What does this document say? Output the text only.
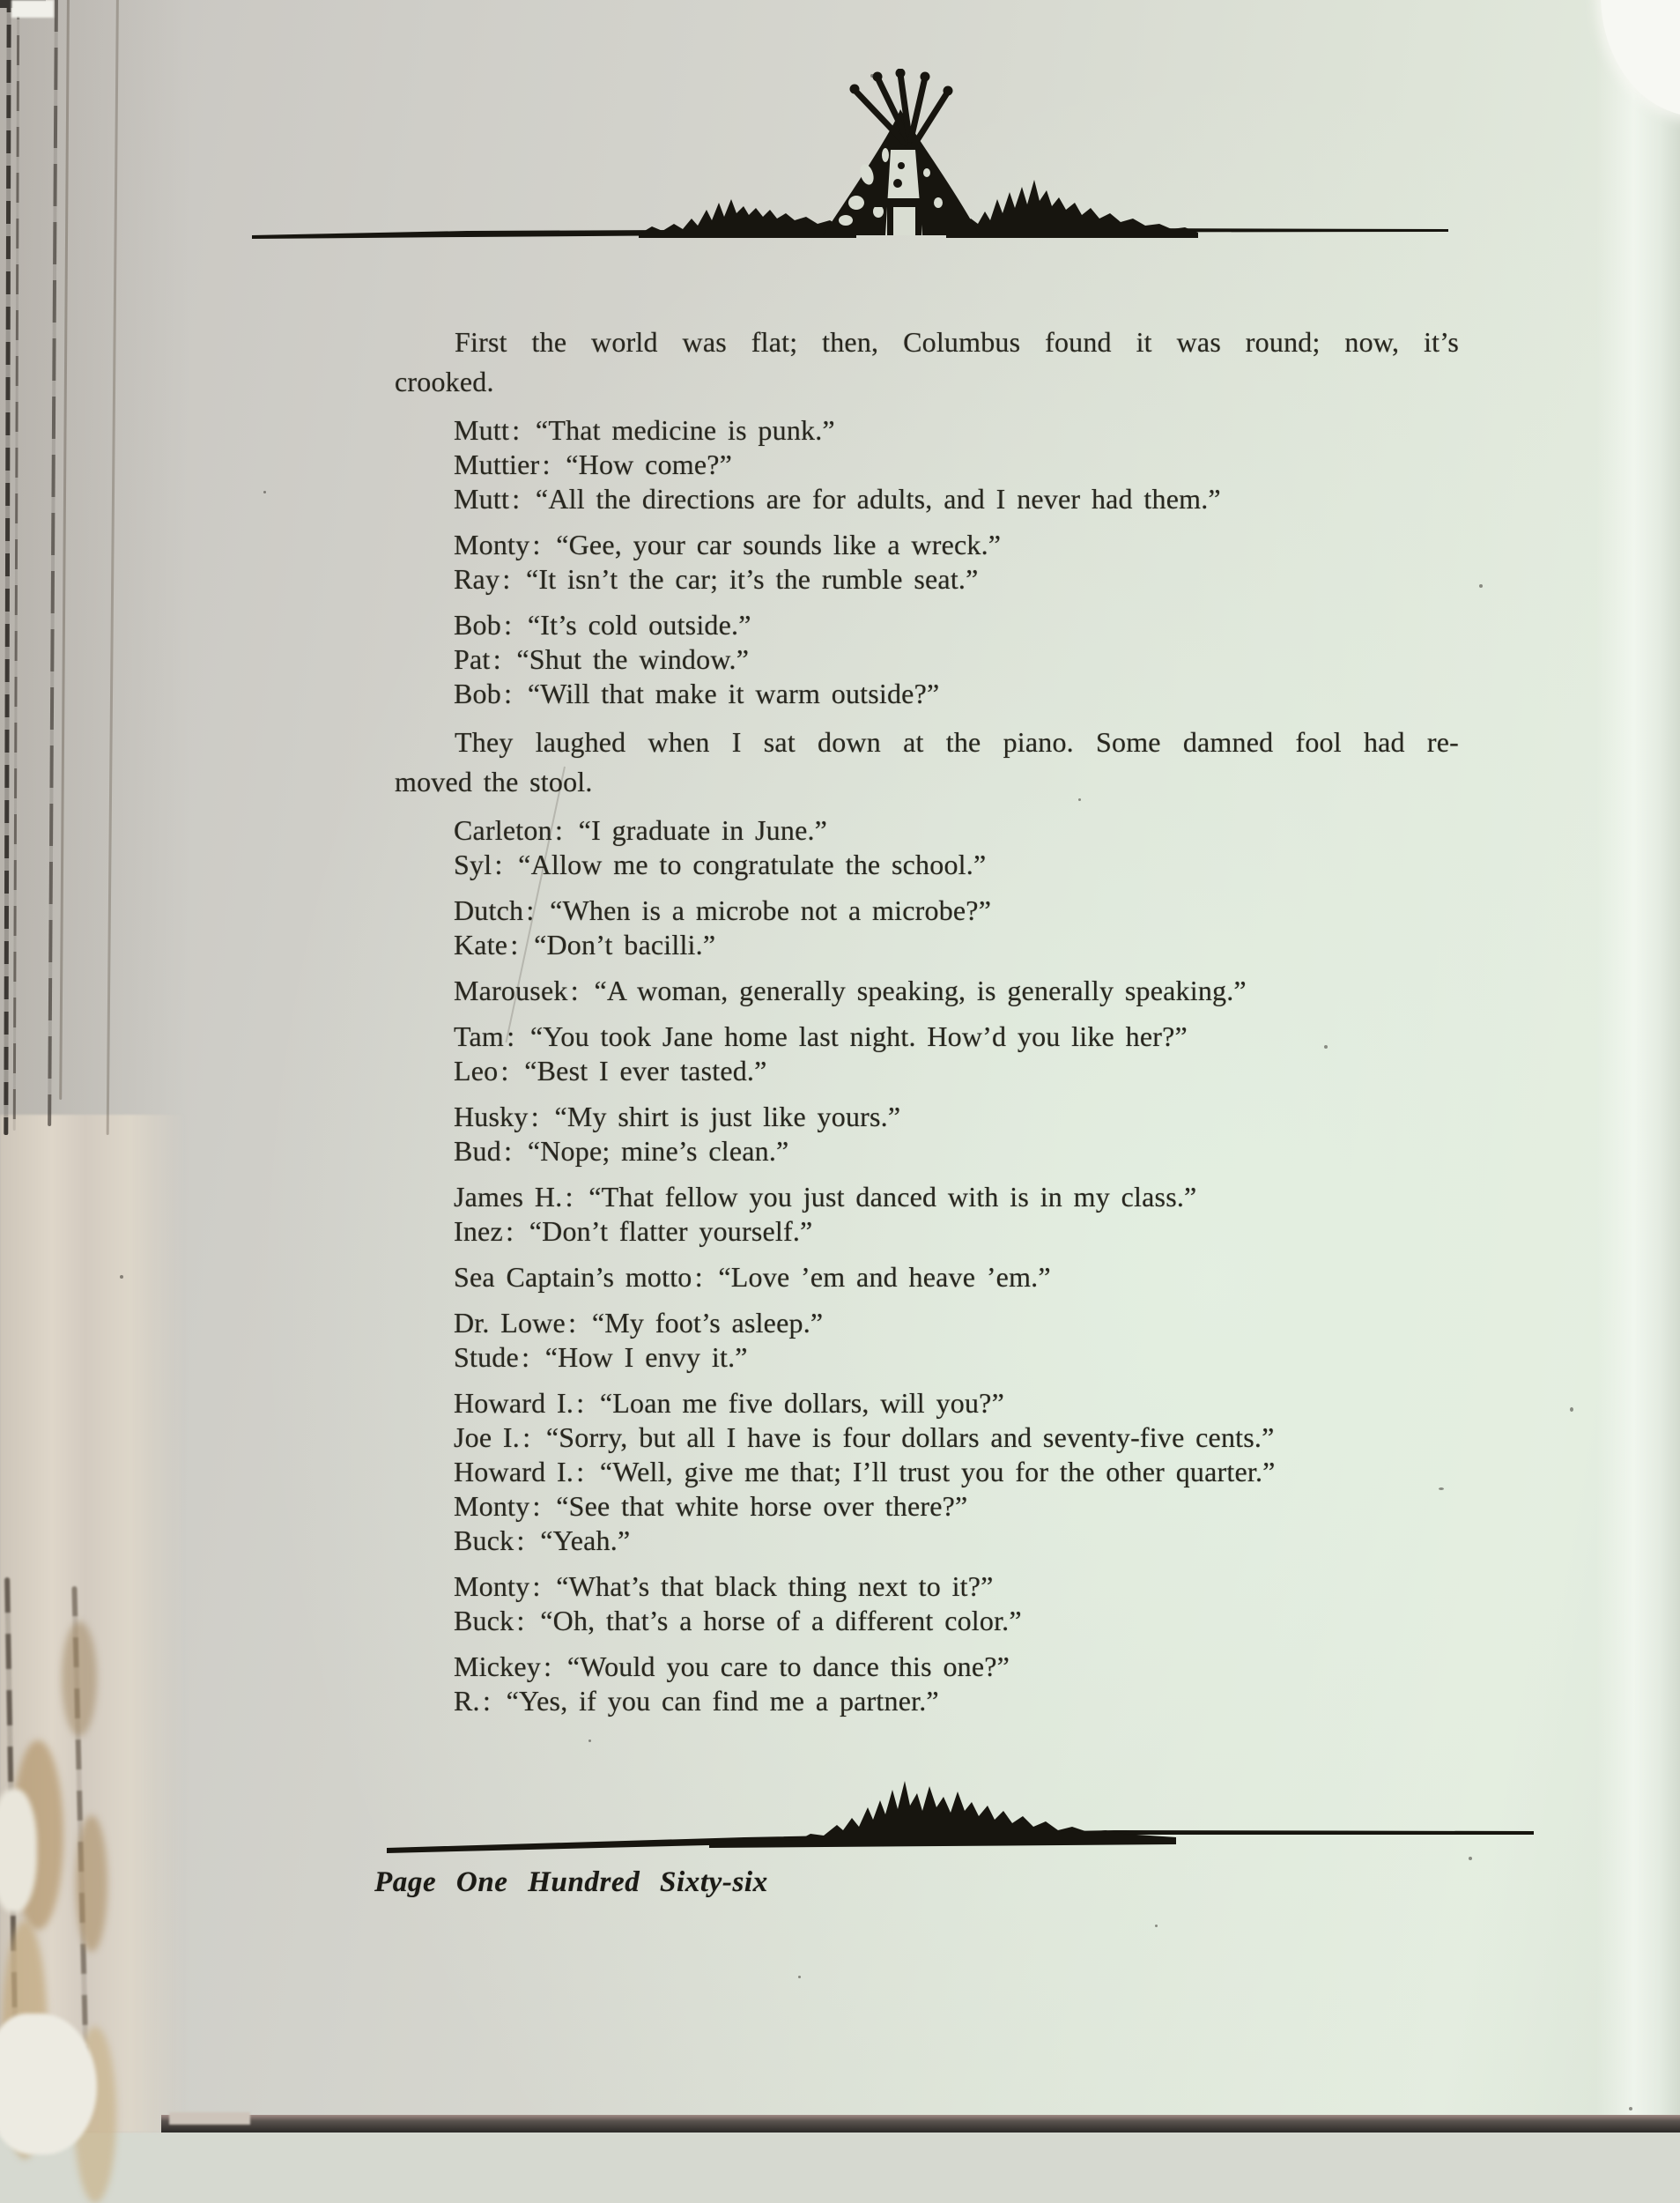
First the world was flat; then, Columbus found it was round; now, it’s
crooked.

Mutt: “That medicine is punk.”
Muttier: “How come?”
Mutt: “All the directions are for adults, and I never had them.”
Monty: “Gee, your car sounds like a wreck.”
Ray: “It isn’t the car; it’s the rumble seat.”
Bob: “It’s cold outside.”
Pat: “Shut the window.”
Bob: “Will that make it warm outside?”

They laughed when I sat down at the piano. Some damned fool had re-
moved the stool.

Carleton: “I graduate in June.”
Syl: “Allow me to congratulate the school.”
Dutch: “When is a microbe not a microbe?”
Kate: “Don’t bacilli.”
Marousek: “A woman, generally speaking, is generally speaking.”
Tam: “You took Jane home last night. How’d you like her?”
Leo: “Best I ever tasted.”
Husky: “My shirt is just like yours.”
Bud: “Nope; mine’s clean.”
James H.: “That fellow you just danced with is in my class.”
Inez: “Don’t flatter yourself.”
Sea Captain’s motto: “Love ’em and heave ’em.”
Dr. Lowe: “My foot’s asleep.”
Stude: “How I envy it.”
Howard I.: “Loan me five dollars, will you?”
Joe I.: “Sorry, but all I have is four dollars and seventy-five cents.”
Howard I.: “Well, give me that; I’ll trust you for the other quarter.”
Monty: “See that white horse over there?”
Buck: “Yeah.”
Monty: “What’s that black thing next to it?”
Buck: “Oh, that’s a horse of a different color.”
Mickey: “Would you care to dance this one?”
R.: “Yes, if you can find me a partner.”
Page One Hundred Sixty-six
